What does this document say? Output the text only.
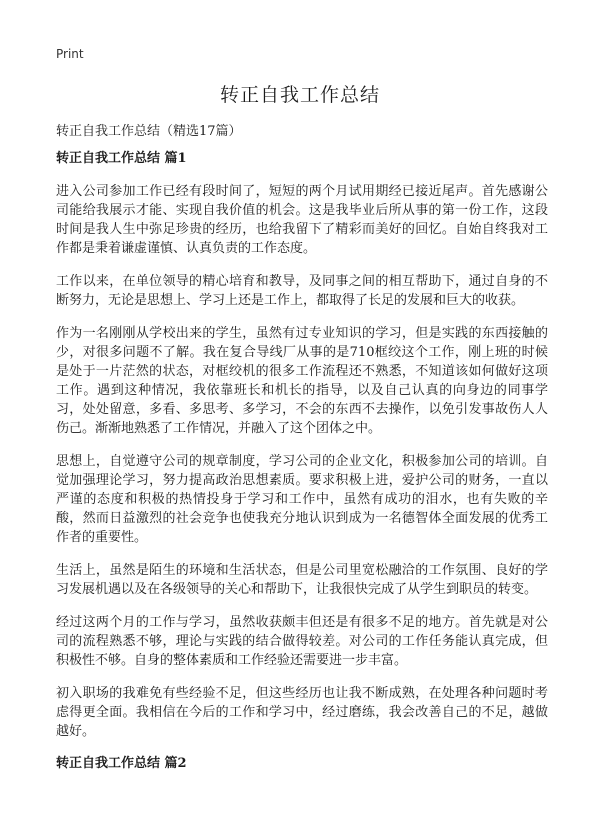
Print
转正自我工作总结

转正自我工作总结（精选17篇）

转正自我工作总结 篇1

进入公司参加工作已经有段时间了，短短的两个月试用期经已接近尾声。首先感谢公司能给我展示才能、实现自我价值的机会。这是我毕业后所从事的第一份工作，这段时间是我人生中弥足珍贵的经历，也给我留下了精彩而美好的回忆。自始自终我对工作都是秉着谦虚谨慎、认真负责的工作态度。

工作以来，在单位领导的精心培育和教导，及同事之间的相互帮助下，通过自身的不断努力，无论是思想上、学习上还是工作上，都取得了长足的发展和巨大的收获。

作为一名刚刚从学校出来的学生，虽然有过专业知识的学习，但是实践的东西接触的少，对很多问题不了解。我在复合导线厂从事的是710框绞这个工作，刚上班的时候是处于一片茫然的状态，对框绞机的很多工作流程还不熟悉，不知道该如何做好这项工作。遇到这种情况，我依靠班长和机长的指导，以及自己认真的向身边的同事学习，处处留意，多看、多思考、多学习，不会的东西不去操作，以免引发事故伤人人伤己。渐渐地熟悉了工作情况，并融入了这个团体之中。

思想上，自觉遵守公司的规章制度，学习公司的企业文化，积极参加公司的培训。自觉加强理论学习，努力提高政治思想素质。要求积极上进，爱护公司的财务，一直以严谨的态度和积极的热情投身于学习和工作中，虽然有成功的泪水，也有失败的辛酸，然而日益激烈的社会竞争也使我充分地认识到成为一名德智体全面发展的优秀工作者的重要性。

生活上，虽然是陌生的环境和生活状态，但是公司里宽松融洽的工作氛围、良好的学习发展机遇以及在各级领导的关心和帮助下，让我很快完成了从学生到职员的转变。

经过这两个月的工作与学习，虽然收获颇丰但还是有很多不足的地方。首先就是对公司的流程熟悉不够，理论与实践的结合做得较差。对公司的工作任务能认真完成，但积极性不够。自身的整体素质和工作经验还需要进一步丰富。

初入职场的我难免有些经验不足，但这些经历也让我不断成熟，在处理各种问题时考虑得更全面。我相信在今后的工作和学习中，经过磨练，我会改善自己的不足，越做越好。

转正自我工作总结 篇2
